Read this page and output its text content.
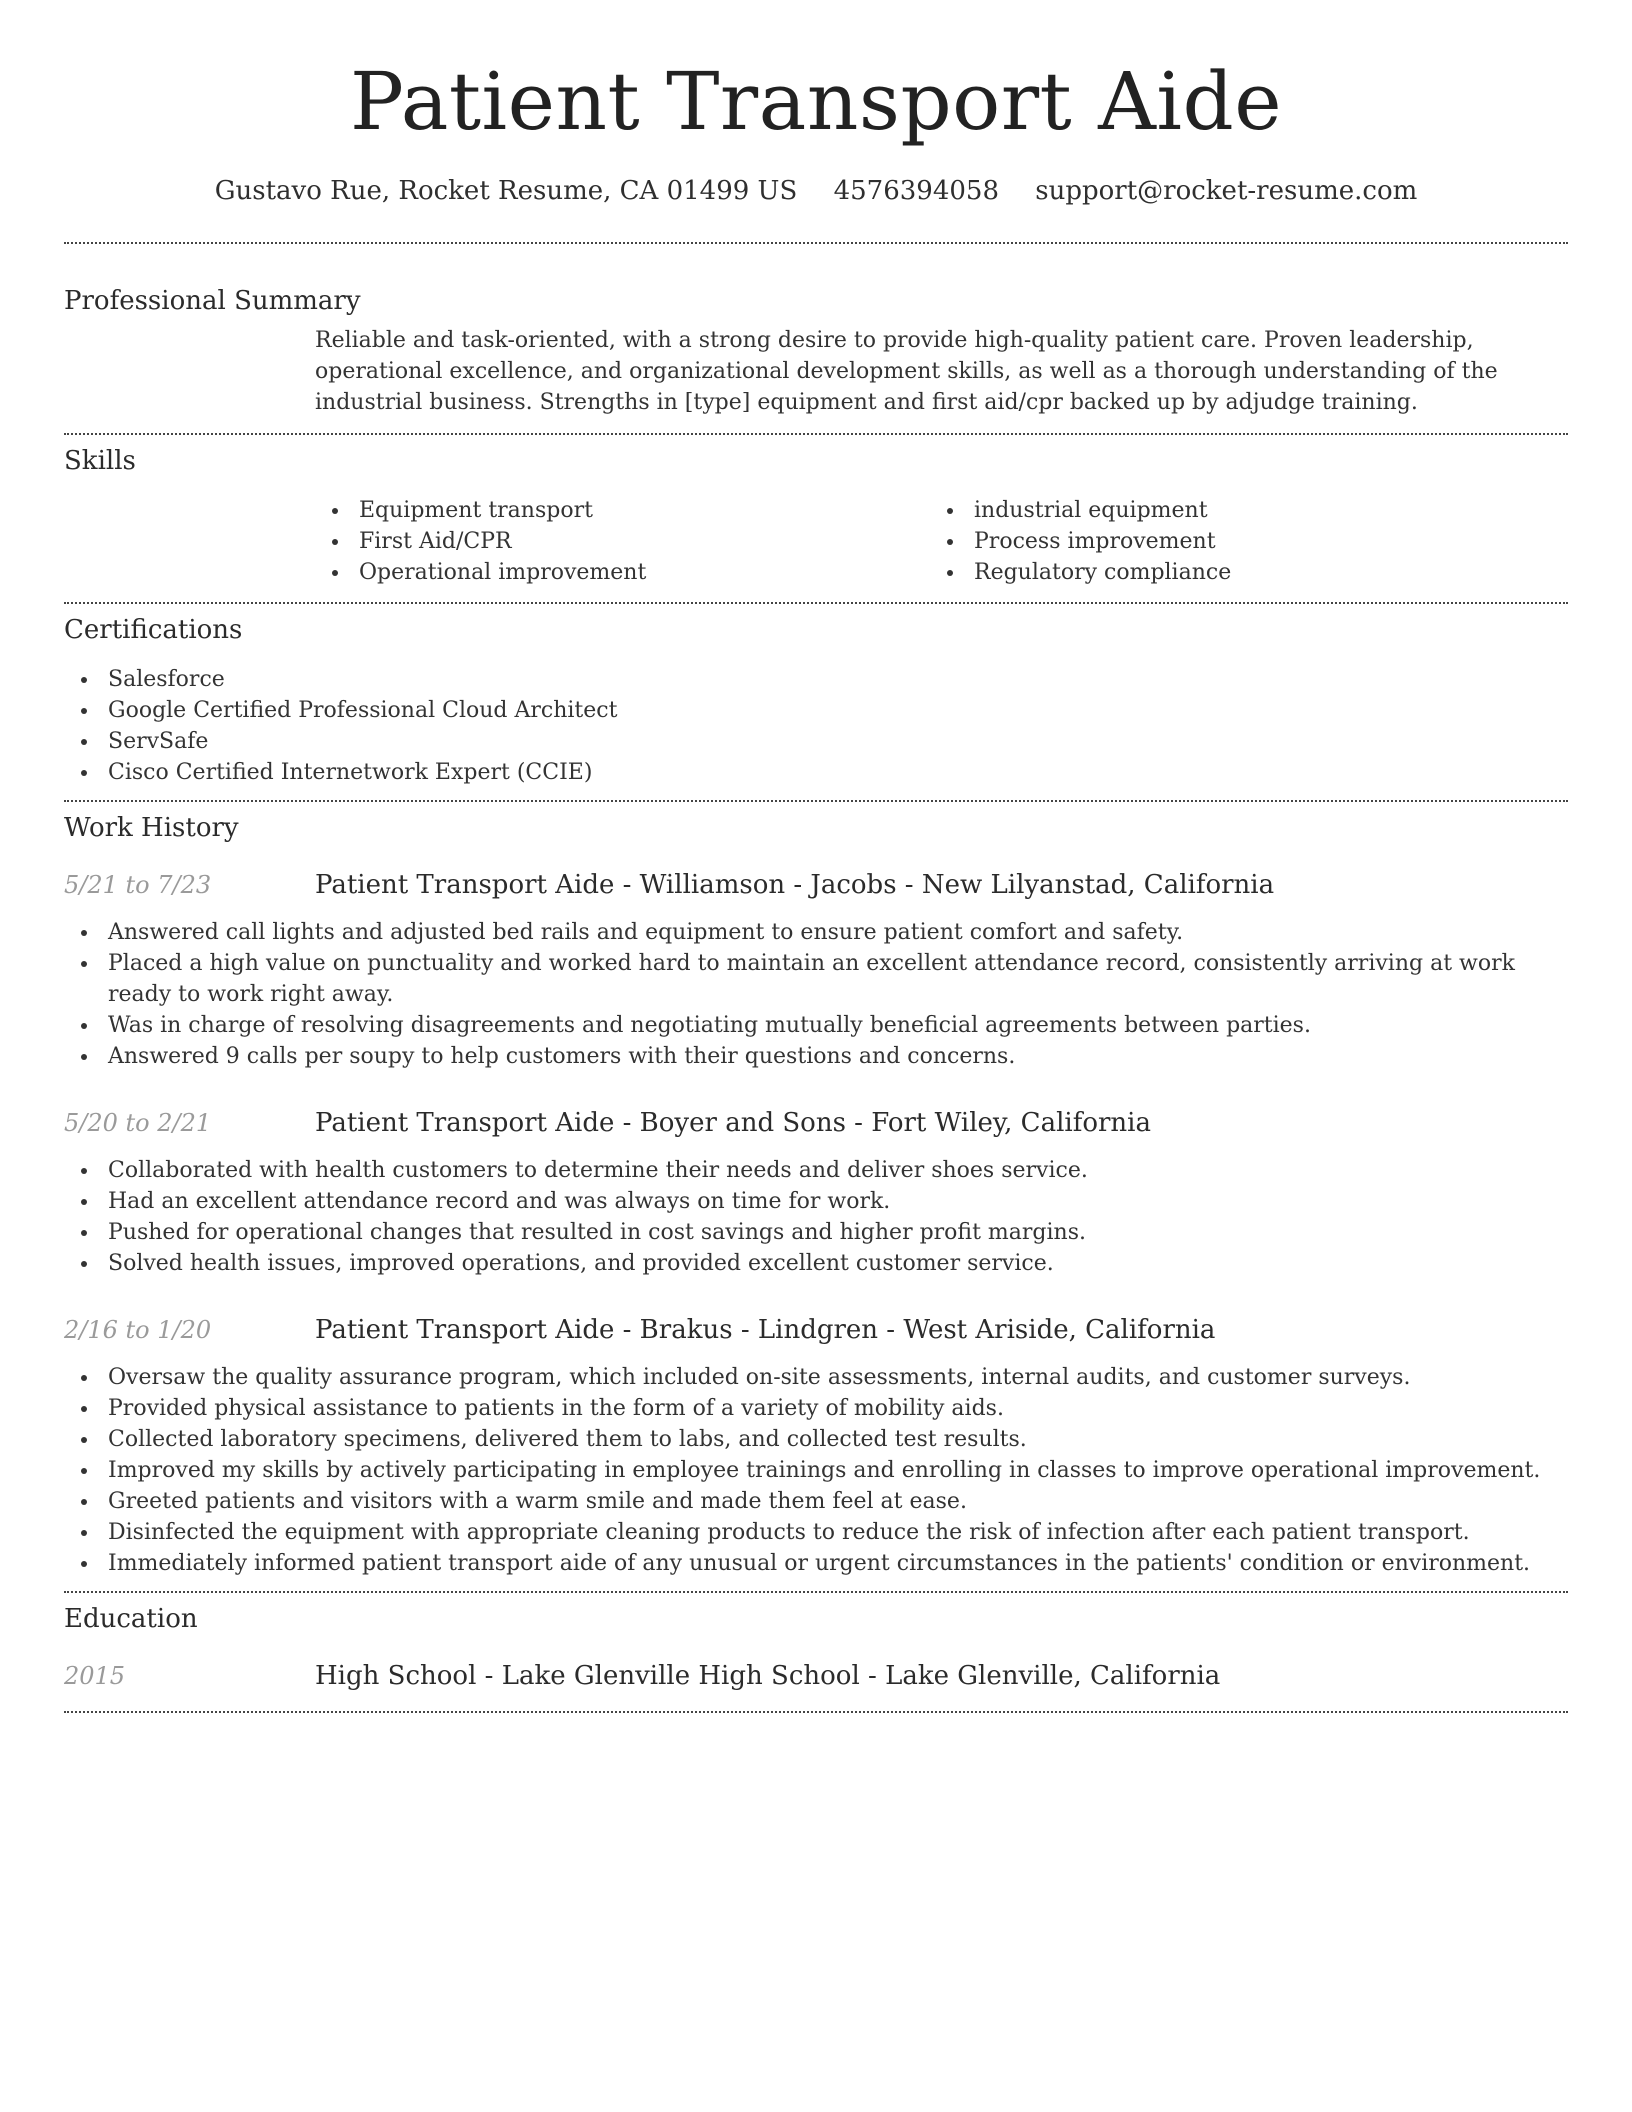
Patient Transport Aide
Gustavo Rue, Rocket Resume, CA 01499 US 4576394058 support@rocket-resume.com
Professional Summary
Reliable and task-oriented, with a strong desire to provide high-quality patient care. Proven leadership, operational excellence, and organizational development skills, as well as a thorough understanding of the industrial business. Strengths in [type] equipment and first aid/cpr backed up by adjudge training.
Skills
Equipment transport
First Aid/CPR
Operational improvement
industrial equipment
Process improvement
Regulatory compliance
Certifications
Salesforce
Google Certified Professional Cloud Architect
ServSafe
Cisco Certified Internetwork Expert (CCIE)
Work History
5/21 to 7/23	Patient Transport Aide - Williamson - Jacobs - New Lilyanstad, California
Answered call lights and adjusted bed rails and equipment to ensure patient comfort and safety.
Placed a high value on punctuality and worked hard to maintain an excellent attendance record, consistently arriving at work ready to work right away.
Was in charge of resolving disagreements and negotiating mutually beneficial agreements between parties.
Answered 9 calls per soupy to help customers with their questions and concerns.
5/20 to 2/21	Patient Transport Aide - Boyer and Sons - Fort Wiley, California
Collaborated with health customers to determine their needs and deliver shoes service.
Had an excellent attendance record and was always on time for work.
Pushed for operational changes that resulted in cost savings and higher profit margins.
Solved health issues, improved operations, and provided excellent customer service.
2/16 to 1/20	Patient Transport Aide - Brakus - Lindgren - West Ariside, California
Oversaw the quality assurance program, which included on-site assessments, internal audits, and customer surveys.
Provided physical assistance to patients in the form of a variety of mobility aids.
Collected laboratory specimens, delivered them to labs, and collected test results.
Improved my skills by actively participating in employee trainings and enrolling in classes to improve operational improvement.
Greeted patients and visitors with a warm smile and made them feel at ease.
Disinfected the equipment with appropriate cleaning products to reduce the risk of infection after each patient transport.
Immediately informed patient transport aide of any unusual or urgent circumstances in the patients' condition or environment.
Education
2015	High School - Lake Glenville High School - Lake Glenville, California
